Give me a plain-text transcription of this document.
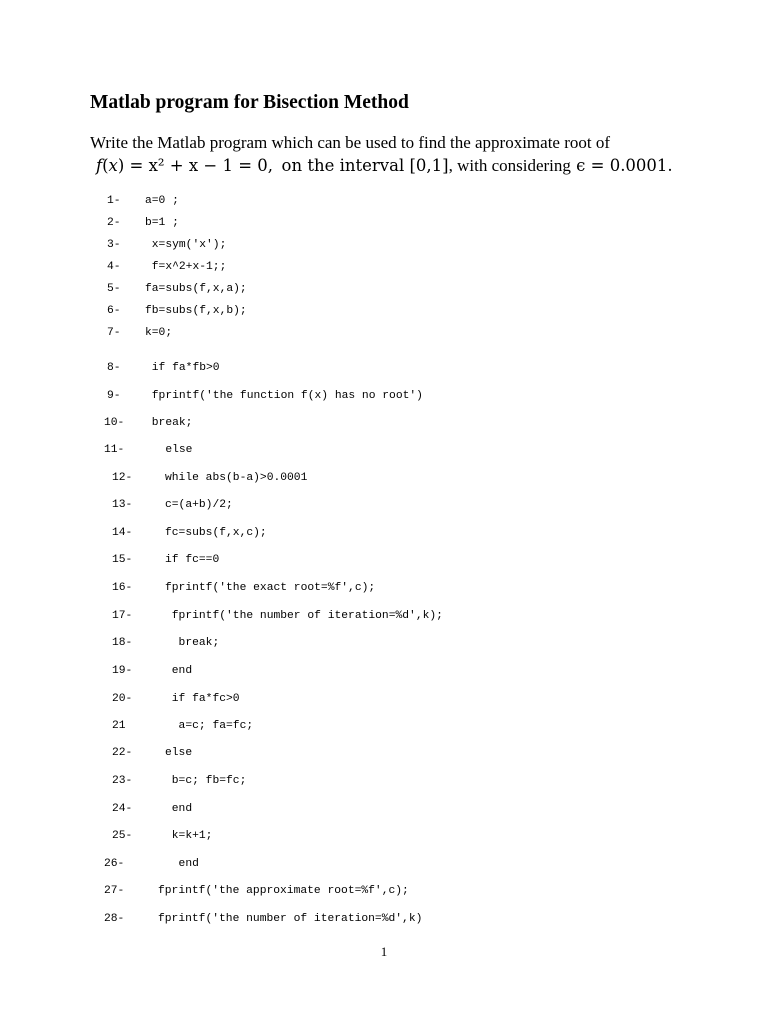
Matlab program for Bisection Method

Write the Matlab program which can be used to find the approximate root of

f(x) = x² + x − 1 = 0, on the interval [0,1], with considering ϵ = 0.0001.

1- a=0 ;
2- b=1 ;
3- x=sym('x');
4- f=x^2+x-1;;
5- fa=subs(f,x,a);
6- fb=subs(f,x,b);
7- k=0;
8- if fa*fb>0
9- fprintf('the function f(x) has no root')
10- break;
11- else
12-	while abs(b-a)>0.0001
13-	c=(a+b)/2;
14-	fc=subs(f,x,c);
15-	if fc==0
16-	fprintf('the exact root=%f',c);
17-	fprintf('the number of iteration=%d',k);
18-	break;
19-	end
20-	if fa*fc>0
21	a=c; fa=fc;
22-	else
23-	b=c; fb=fc;
24-	end
25-	k=k+1;
26-	end
27-	fprintf('the approximate root=%f',c);
28-	fprintf('the number of iteration=%d',k)
1
